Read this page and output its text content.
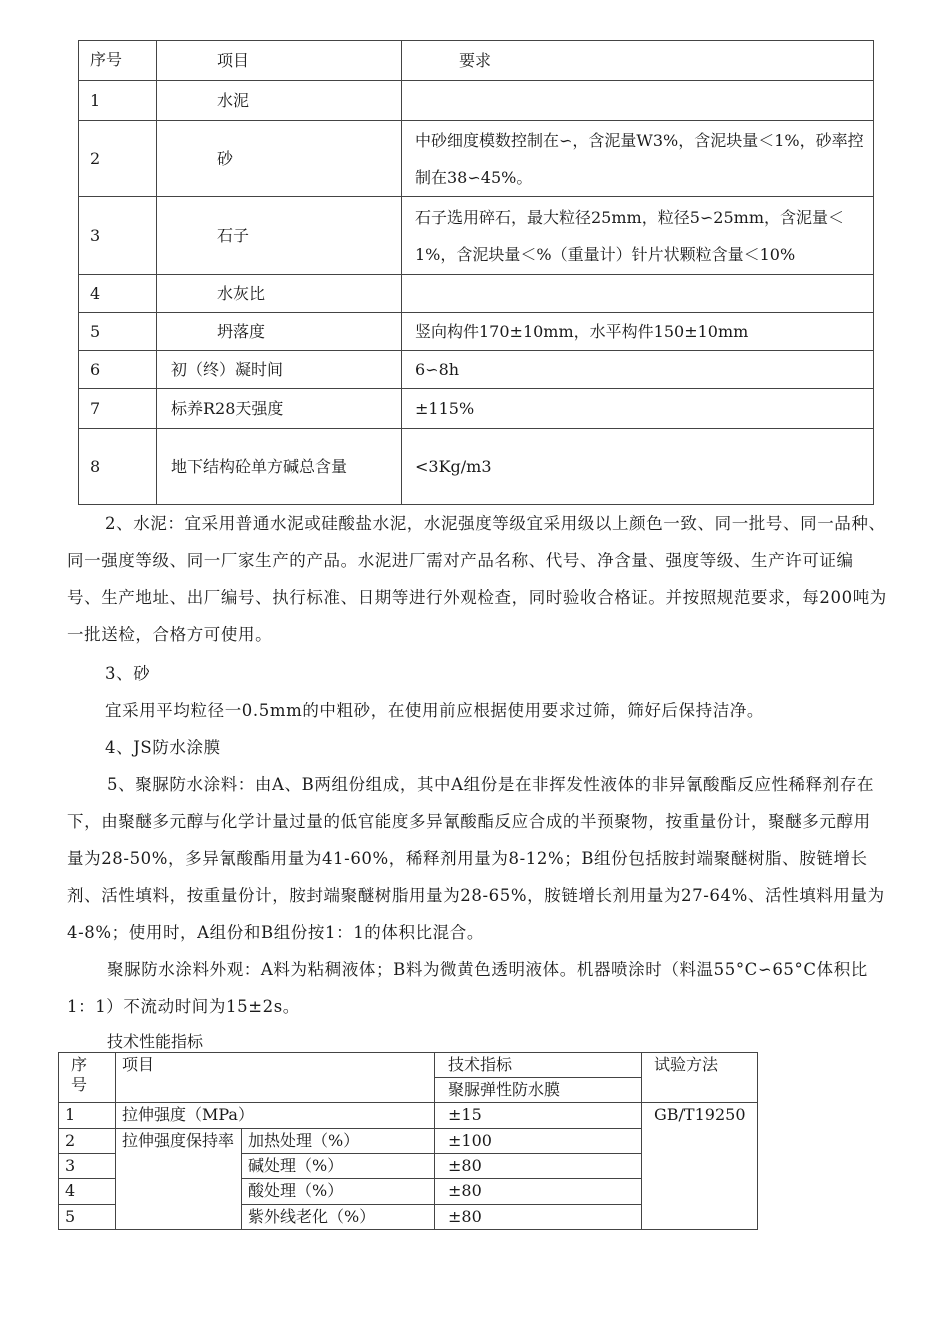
序号	项目	要求
1	水泥	
2	砂	中砂细度模数控制在∽，含泥量W3%，含泥块量＜1%，砂率控制在38∽45%。
3	石子	石子选用碎石，最大粒径25mm，粒径5∽25mm，含泥量＜1%，含泥块量＜%（重量计）针片状颗粒含量＜10%
4	水灰比	
5	坍落度	竖向构件170±10mm，水平构件150±10mm
6	初（终）凝时间	6∽8h
7	标养R28天强度	±115%
8	地下结构砼单方碱总含量	<3Kg/m3

2、水泥：宜采用普通水泥或硅酸盐水泥，水泥强度等级宜采用级以上颜色一致、同一批号、同一品种、同一强度等级、同一厂家生产的产品。水泥进厂需对产品名称、代号、净含量、强度等级、生产许可证编号、生产地址、出厂编号、执行标准、日期等进行外观检查，同时验收合格证。并按照规范要求，每200吨为一批送检，合格方可使用。

3、砂

宜采用平均粒径一0.5mm的中粗砂，在使用前应根据使用要求过筛，筛好后保持洁净。

4、JS防水涂膜

5、聚脲防水涂料：由A、B两组份组成，其中A组份是在非挥发性液体的非异氰酸酯反应性稀释剂存在下，由聚醚多元醇与化学计量过量的低官能度多异氰酸酯反应合成的半预聚物，按重量份计，聚醚多元醇用量为28-50%，多异氰酸酯用量为41-60%，稀释剂用量为8-12%；B组份包括胺封端聚醚树脂、胺链增长剂、活性填料，按重量份计，胺封端聚醚树脂用量为28-65%，胺链增长剂用量为27-64%、活性填料用量为4-8%；使用时，A组份和B组份按1：1的体积比混合。

聚脲防水涂料外观：A料为粘稠液体；B料为微黄色透明液体。机器喷涂时（料温55°C∽65°C体积比1：1）不流动时间为15±2s。

技术性能指标
序号	项目		技术指标	试验方法
			聚脲弹性防水膜	
1	拉伸强度（MPa）		±15	GB/T19250
2	拉伸强度保持率	加热处理（%）	±100	
3		碱处理（%）	±80	
4		酸处理（%）	±80	
5		紫外线老化（%）	±80	
